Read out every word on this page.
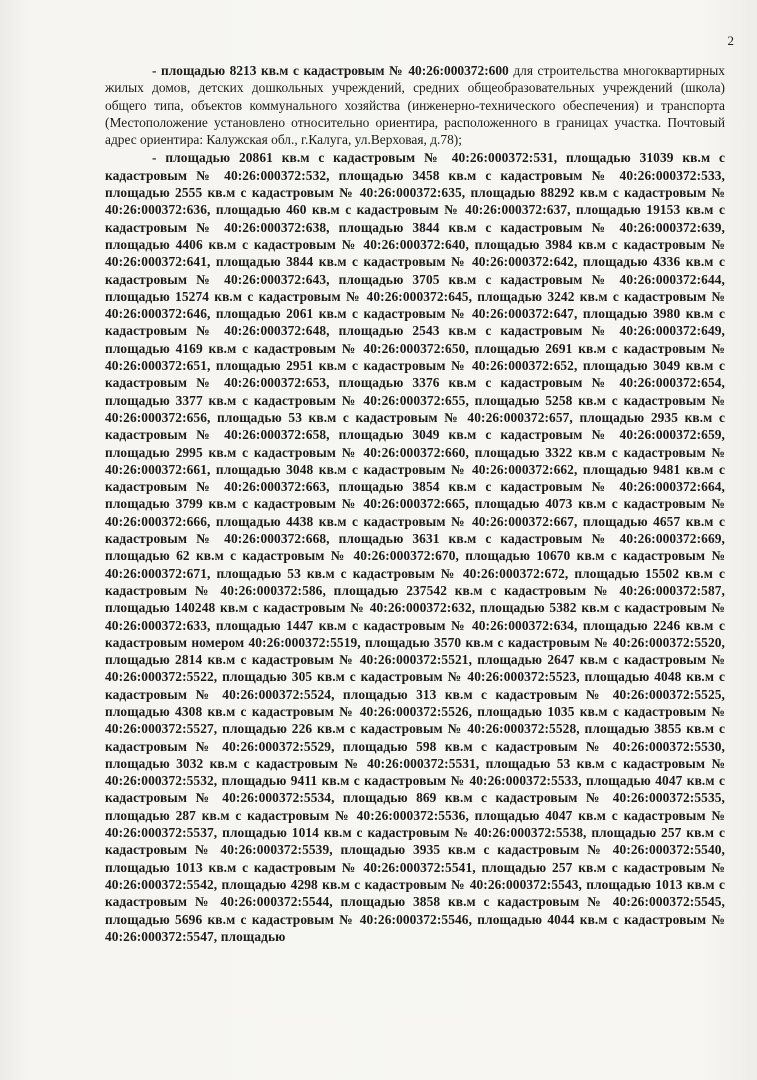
2

- площадью 8213 кв.м с кадастровым № 40:26:000372:600 для строительства многоквартирных жилых домов, детских дошкольных учреждений, средних общеобразовательных учреждений (школа) общего типа, объектов коммунального хозяйства (инженерно-технического обеспечения) и транспорта (Местоположение установлено относительно ориентира, расположенного в границах участка. Почтовый адрес ориентира: Калужская обл., г.Калуга, ул.Верховая, д.78);

- площадью 20861 кв.м с кадастровым № 40:26:000372:531, площадью 31039 кв.м с кадастровым № 40:26:000372:532, площадью 3458 кв.м с кадастровым № 40:26:000372:533, площадью 2555 кв.м с кадастровым № 40:26:000372:635, площадью 88292 кв.м с кадастровым № 40:26:000372:636, площадью 460 кв.м с кадастровым № 40:26:000372:637, площадью 19153 кв.м с кадастровым № 40:26:000372:638, площадью 3844 кв.м с кадастровым № 40:26:000372:639, площадью 4406 кв.м с кадастровым № 40:26:000372:640, площадью 3984 кв.м с кадастровым № 40:26:000372:641, площадью 3844 кв.м с кадастровым № 40:26:000372:642, площадью 4336 кв.м с кадастровым № 40:26:000372:643, площадью 3705 кв.м с кадастровым № 40:26:000372:644, площадью 15274 кв.м с кадастровым № 40:26:000372:645, площадью 3242 кв.м с кадастровым № 40:26:000372:646, площадью 2061 кв.м с кадастровым № 40:26:000372:647, площадью 3980 кв.м с кадастровым № 40:26:000372:648, площадью 2543 кв.м с кадастровым № 40:26:000372:649, площадью 4169 кв.м с кадастровым № 40:26:000372:650, площадью 2691 кв.м с кадастровым № 40:26:000372:651, площадью 2951 кв.м с кадастровым № 40:26:000372:652, площадью 3049 кв.м с кадастровым № 40:26:000372:653, площадью 3376 кв.м с кадастровым № 40:26:000372:654, площадью 3377 кв.м с кадастровым № 40:26:000372:655, площадью 5258 кв.м с кадастровым № 40:26:000372:656, площадью 53 кв.м с кадастровым № 40:26:000372:657, площадью 2935 кв.м с кадастровым № 40:26:000372:658, площадью 3049 кв.м с кадастровым № 40:26:000372:659, площадью 2995 кв.м с кадастровым № 40:26:000372:660, площадью 3322 кв.м с кадастровым № 40:26:000372:661, площадью 3048 кв.м с кадастровым № 40:26:000372:662, площадью 9481 кв.м с кадастровым № 40:26:000372:663, площадью 3854 кв.м с кадастровым № 40:26:000372:664, площадью 3799 кв.м с кадастровым № 40:26:000372:665, площадью 4073 кв.м с кадастровым № 40:26:000372:666, площадью 4438 кв.м с кадастровым № 40:26:000372:667, площадью 4657 кв.м с кадастровым № 40:26:000372:668, площадью 3631 кв.м с кадастровым № 40:26:000372:669, площадью 62 кв.м с кадастровым № 40:26:000372:670, площадью 10670 кв.м с кадастровым № 40:26:000372:671, площадью 53 кв.м с кадастровым № 40:26:000372:672, площадью 15502 кв.м с кадастровым № 40:26:000372:586, площадью 237542 кв.м с кадастровым № 40:26:000372:587, площадью 140248 кв.м с кадастровым № 40:26:000372:632, площадью 5382 кв.м с кадастровым № 40:26:000372:633, площадью 1447 кв.м с кадастровым № 40:26:000372:634, площадью 2246 кв.м с кадастровым номером 40:26:000372:5519, площадью 3570 кв.м с кадастровым № 40:26:000372:5520, площадью 2814 кв.м с кадастровым № 40:26:000372:5521, площадью 2647 кв.м с кадастровым № 40:26:000372:5522, площадью 305 кв.м с кадастровым № 40:26:000372:5523, площадью 4048 кв.м с кадастровым № 40:26:000372:5524, площадью 313 кв.м с кадастровым № 40:26:000372:5525, площадью 4308 кв.м с кадастровым № 40:26:000372:5526, площадью 1035 кв.м с кадастровым № 40:26:000372:5527, площадью 226 кв.м с кадастровым № 40:26:000372:5528, площадью 3855 кв.м с кадастровым № 40:26:000372:5529, площадью 598 кв.м с кадастровым № 40:26:000372:5530, площадью 3032 кв.м с кадастровым № 40:26:000372:5531, площадью 53 кв.м с кадастровым № 40:26:000372:5532, площадью 9411 кв.м с кадастровым № 40:26:000372:5533, площадью 4047 кв.м с кадастровым № 40:26:000372:5534, площадью 869 кв.м с кадастровым № 40:26:000372:5535, площадью 287 кв.м с кадастровым № 40:26:000372:5536, площадью 4047 кв.м с кадастровым № 40:26:000372:5537, площадью 1014 кв.м с кадастровым № 40:26:000372:5538, площадью 257 кв.м с кадастровым № 40:26:000372:5539, площадью 3935 кв.м с кадастровым № 40:26:000372:5540, площадью 1013 кв.м с кадастровым № 40:26:000372:5541, площадью 257 кв.м с кадастровым № 40:26:000372:5542, площадью 4298 кв.м с кадастровым № 40:26:000372:5543, площадью 1013 кв.м с кадастровым № 40:26:000372:5544, площадью 3858 кв.м с кадастровым № 40:26:000372:5545, площадью 5696 кв.м с кадастровым № 40:26:000372:5546, площадью 4044 кв.м с кадастровым № 40:26:000372:5547, площадью
